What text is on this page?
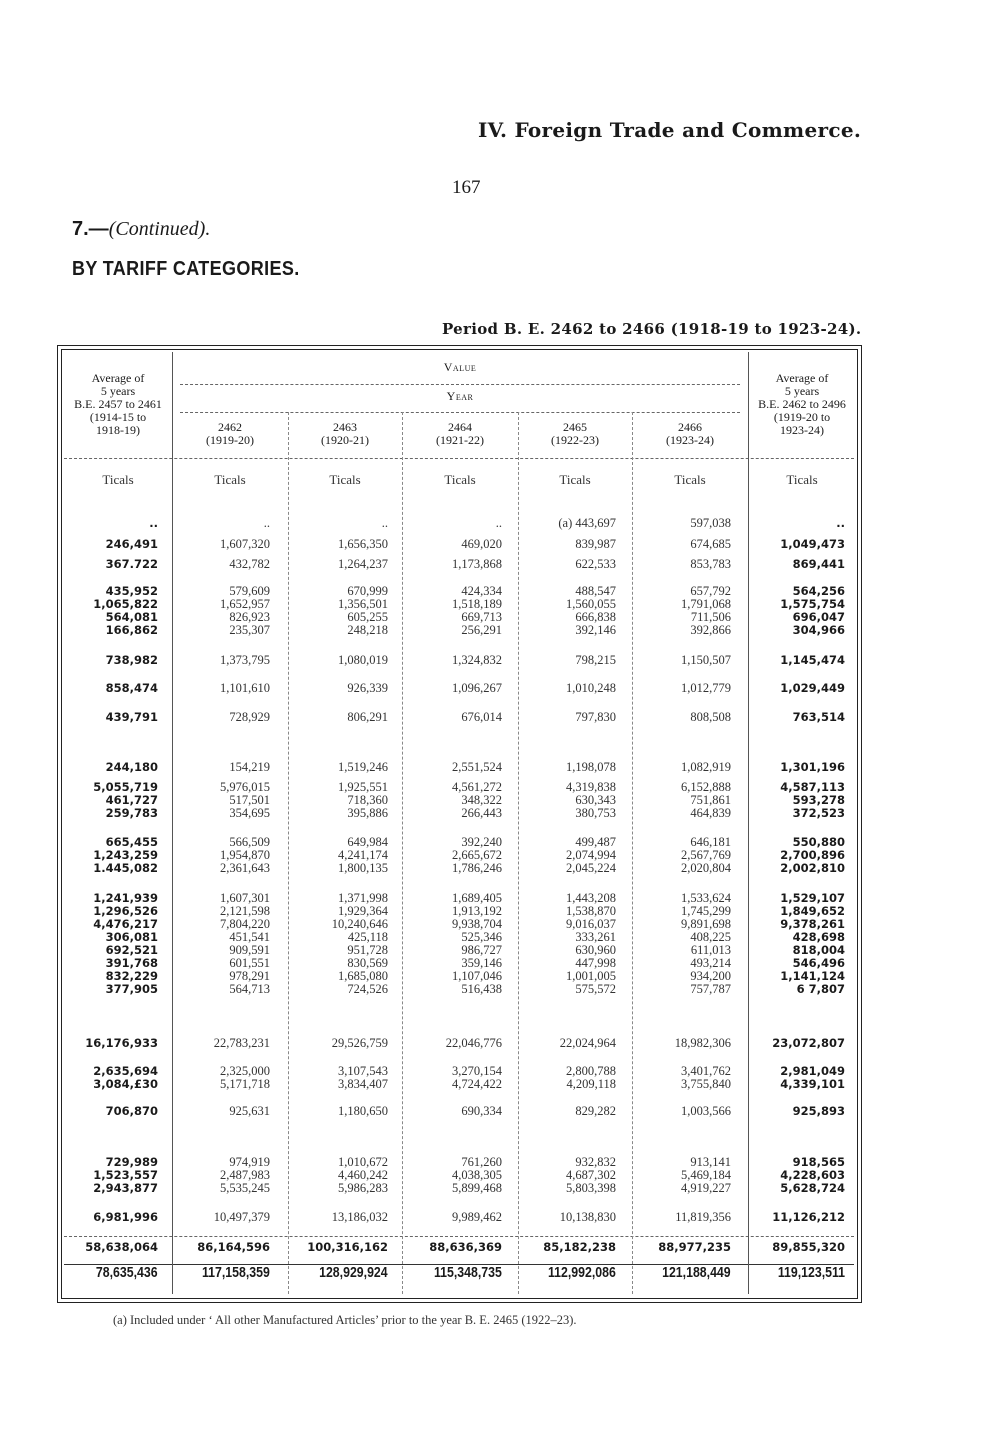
IV. Foreign Trade and Commerce.
167
7.—(Continued).
BY TARIFF CATEGORIES.
Period B. E. 2462 to 2466 (1918-19 to 1923-24).
Average of
5 years
B.E. 2457 to 2461
(1914-15 to
1918-19)
Value
Year
2462
(1919-20)
2463
(1920-21)
2464
(1921-22)
2465
(1922-23)
2466
(1923-24)
Average of
5 years
B.E. 2462 to 2496
(1919-20 to
1923-24)
Ticals	Ticals	Ticals	Ticals	Ticals	Ticals	Ticals
..	..	..	..	(a) 443,697	597,038	..
246,491	1,607,320	1,656,350	469,020	839,987	674,685	1,049,473
367.722	432,782	1,264,237	1,173,868	622,533	853,783	869,441
435,952	579,609	670,999	424,334	488,547	657,792	564,256
1,065,822	1,652,957	1,356,501	1,518,189	1,560,055	1,791,068	1,575,754
564,081	826,923	605,255	669,713	666,838	711,506	696,047
166,862	235,307	248,218	256,291	392,146	392,866	304,966
738,982	1,373,795	1,080,019	1,324,832	798,215	1,150,507	1,145,474
858,474	1,101,610	926,339	1,096,267	1,010,248	1,012,779	1,029,449
439,791	728,929	806,291	676,014	797,830	808,508	763,514
244,180	154,219	1,519,246	2,551,524	1,198,078	1,082,919	1,301,196
5,055,719	5,976,015	1,925,551	4,561,272	4,319,838	6,152,888	4,587,113
461,727	517,501	718,360	348,322	630,343	751,861	593,278
259,783	354,695	395,886	266,443	380,753	464,839	372,523
665,455	566,509	649,984	392,240	499,487	646,181	550,880
1,243,259	1,954,870	4,241,174	2,665,672	2,074,994	2,567,769	2,700,896
1.445,082	2,361,643	1,800,135	1,786,246	2,045,224	2,020,804	2,002,810
1,241,939	1,607,301	1,371,998	1,689,405	1,443,208	1,533,624	1,529,107
1,296,526	2,121,598	1,929,364	1,913,192	1,538,870	1,745,299	1,849,652
4,476,217	7,804,220	10,240,646	9,938,704	9,016,037	9,891,698	9,378,261
306,081	451,541	425,118	525,346	333,261	408,225	428,698
692,521	909,591	951,728	986,727	630,960	611,013	818,004
391,768	601,551	830,569	359,146	447,998	493,214	546,496
832,229	978,291	1,685,080	1,107,046	1,001,005	934,200	1,141,124
377,905	564,713	724,526	516,438	575,572	757,787	6 7,807
16,176,933	22,783,231	29,526,759	22,046,776	22,024,964	18,982,306	23,072,807
2,635,694	2,325,000	3,107,543	3,270,154	2,800,788	3,401,762	2,981,049
3,084,£30	5,171,718	3,834,407	4,724,422	4,209,118	3,755,840	4,339,101
706,870	925,631	1,180,650	690,334	829,282	1,003,566	925,893
729,989	974,919	1,010,672	761,260	932,832	913,141	918,565
1,523,557	2,487,983	4,460,242	4,038,305	4,687,302	5,469,184	4,228,603
2,943,877	5,535,245	5,986,283	5,899,468	5,803,398	4,919,227	5,628,724
6,981,996	10,497,379	13,186,032	9,989,462	10,138,830	11,819,356	11,126,212
58,638,064	86,164,596	100,316,162	88,636,369	85,182,238	88,977,235	89,855,320
78,635,436	117,158,359	128,929,924	115,348,735	112,992,086	121,188,449	119,123,511
(a) Included under ‘ All other Manufactured Articles’ prior to the year B. E. 2465 (1922–23).
